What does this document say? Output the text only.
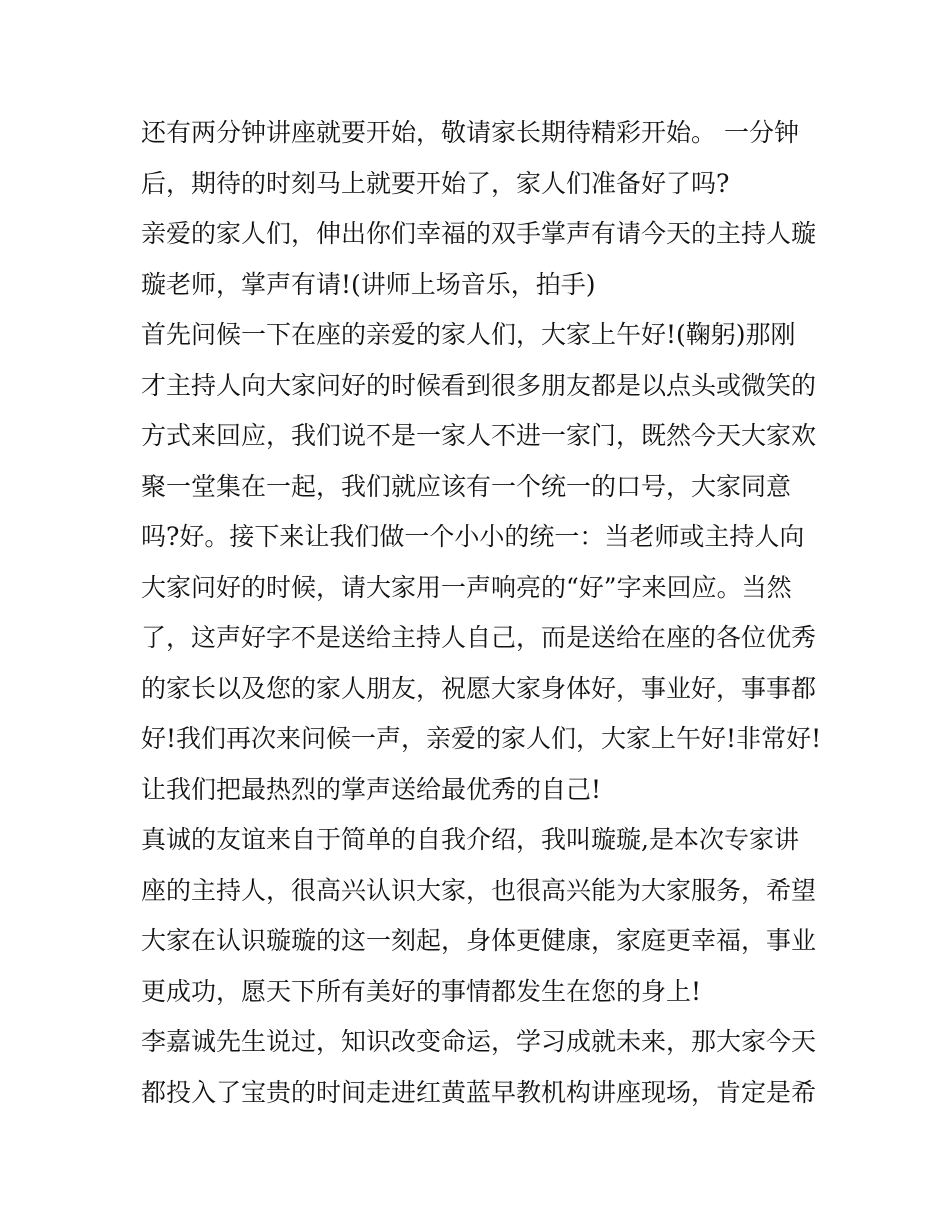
还有两分钟讲座就要开始，敬请家长期待精彩开始。 一分钟
后，期待的时刻马上就要开始了，家人们准备好了吗?
亲爱的家人们，伸出你们幸福的双手掌声有请今天的主持人璇
璇老师，掌声有请!(讲师上场音乐，拍手)
首先问候一下在座的亲爱的家人们，大家上午好!(鞠躬)那刚
才主持人向大家问好的时候看到很多朋友都是以点头或微笑的
方式来回应，我们说不是一家人不进一家门，既然今天大家欢
聚一堂集在一起，我们就应该有一个统一的口号，大家同意
吗?好。接下来让我们做一个小小的统一：当老师或主持人向
大家问好的时候，请大家用一声响亮的“好”字来回应。当然
了，这声好字不是送给主持人自己，而是送给在座的各位优秀
的家长以及您的家人朋友，祝愿大家身体好，事业好，事事都
好!我们再次来问候一声，亲爱的家人们，大家上午好!非常好!
让我们把最热烈的掌声送给最优秀的自己!
真诚的友谊来自于简单的自我介绍，我叫璇璇,是本次专家讲
座的主持人，很高兴认识大家，也很高兴能为大家服务，希望
大家在认识璇璇的这一刻起，身体更健康，家庭更幸福，事业
更成功，愿天下所有美好的事情都发生在您的身上!
李嘉诚先生说过，知识改变命运，学习成就未来，那大家今天
都投入了宝贵的时间走进红黄蓝早教机构讲座现场，肯定是希
